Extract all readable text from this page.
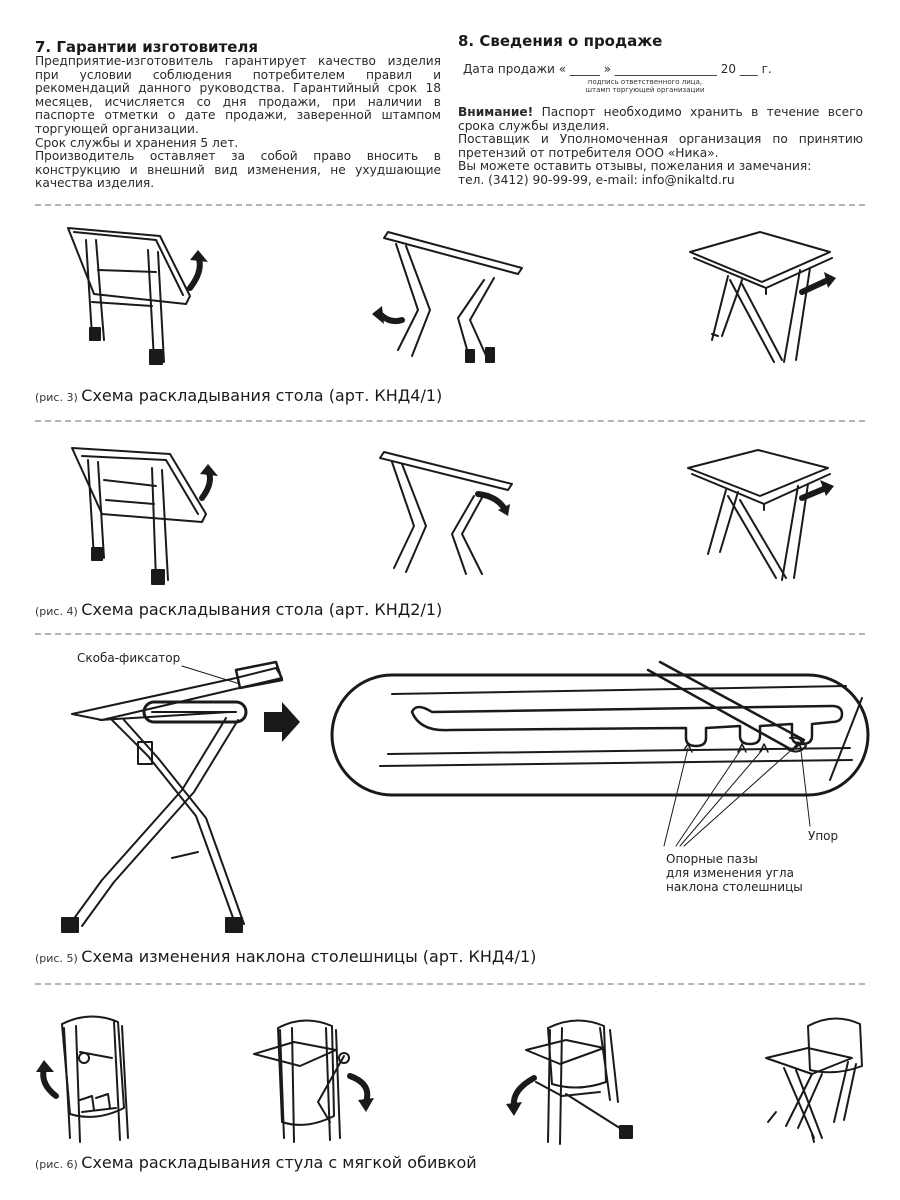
7. Гарантии изготовителя

Предприятие-изготовитель гарантирует качество изделия при условии соблюдения потребителем правил и рекомендаций данного руководства. Гарантийный срок 18 месяцев, исчисляется со дня продажи, при наличии в паспорте отметки о дате продажи, заверенной штампом торгующей организации.

Срок службы и хранения 5 лет.

Производитель оставляет за собой право вносить в конструкцию и внешний вид изменения, не ухудшающие качества изделия.

8. Сведения о продаже
Дата продажи « _____ » _________________ 20 ___ г.
подпись ответственного лица,
штамп торгующей организации

Внимание! Паспорт необходимо хранить в течение всего срока службы изделия.

Поставщик и Уполномоченная организация по принятию претензий от потребителя ООО «Ника».

Вы можете оставить отзывы, пожелания и замечания:

тел. (3412) 90-99-99, e-mail: info@nikaltd.ru

(рис. 3) Схема раскладывания стола (арт. КНД4/1)
(рис. 4) Схема раскладывания стола (арт. КНД2/1)
Скоба-фиксатор
Упор
Опорные пазы
для изменения угла
наклона столешницы
(рис. 5) Схема изменения наклона столешницы (арт. КНД4/1)
(рис. 6) Схема раскладывания стула с мягкой обивкой
